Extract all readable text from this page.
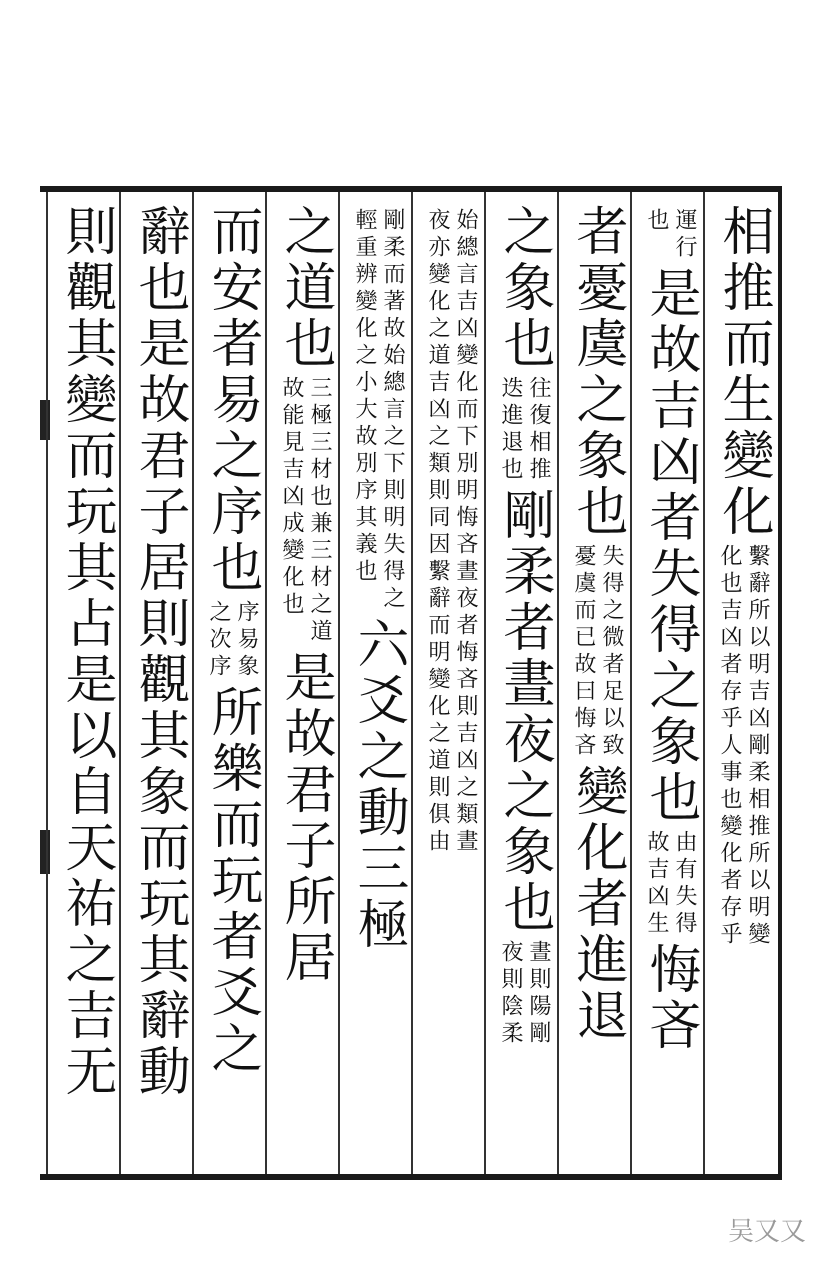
相推而生變化
繫辭所以明吉凶剛柔相推所以明變
化也吉凶者存乎人事也變化者存乎
運行
也
是故吉凶者失得之象也
由有失得
故吉凶生
悔吝
者憂虞之象也
失得之微者足以致
憂虞而已故曰悔吝
變化者進退
之象也
往復相推
迭進退也
剛柔者晝夜之象也
晝則陽剛
夜則陰柔
始總言吉凶變化而下別明悔吝晝夜者悔吝則吉凶之類晝
夜亦變化之道吉凶之類則同因繫辭而明變化之道則俱由
剛柔而著故始總言之下則明失得之
輕重辨變化之小大故別序其義也
六爻之動三極
之道也
三極三材也兼三材之道
故能見吉凶成變化也
是故君子所居
而安者易之序也
序易象
之次序
所樂而玩者爻之
辭也是故君子居則觀其象而玩其辭動
則觀其變而玩其占是以自天祐之吉无
吴又又
